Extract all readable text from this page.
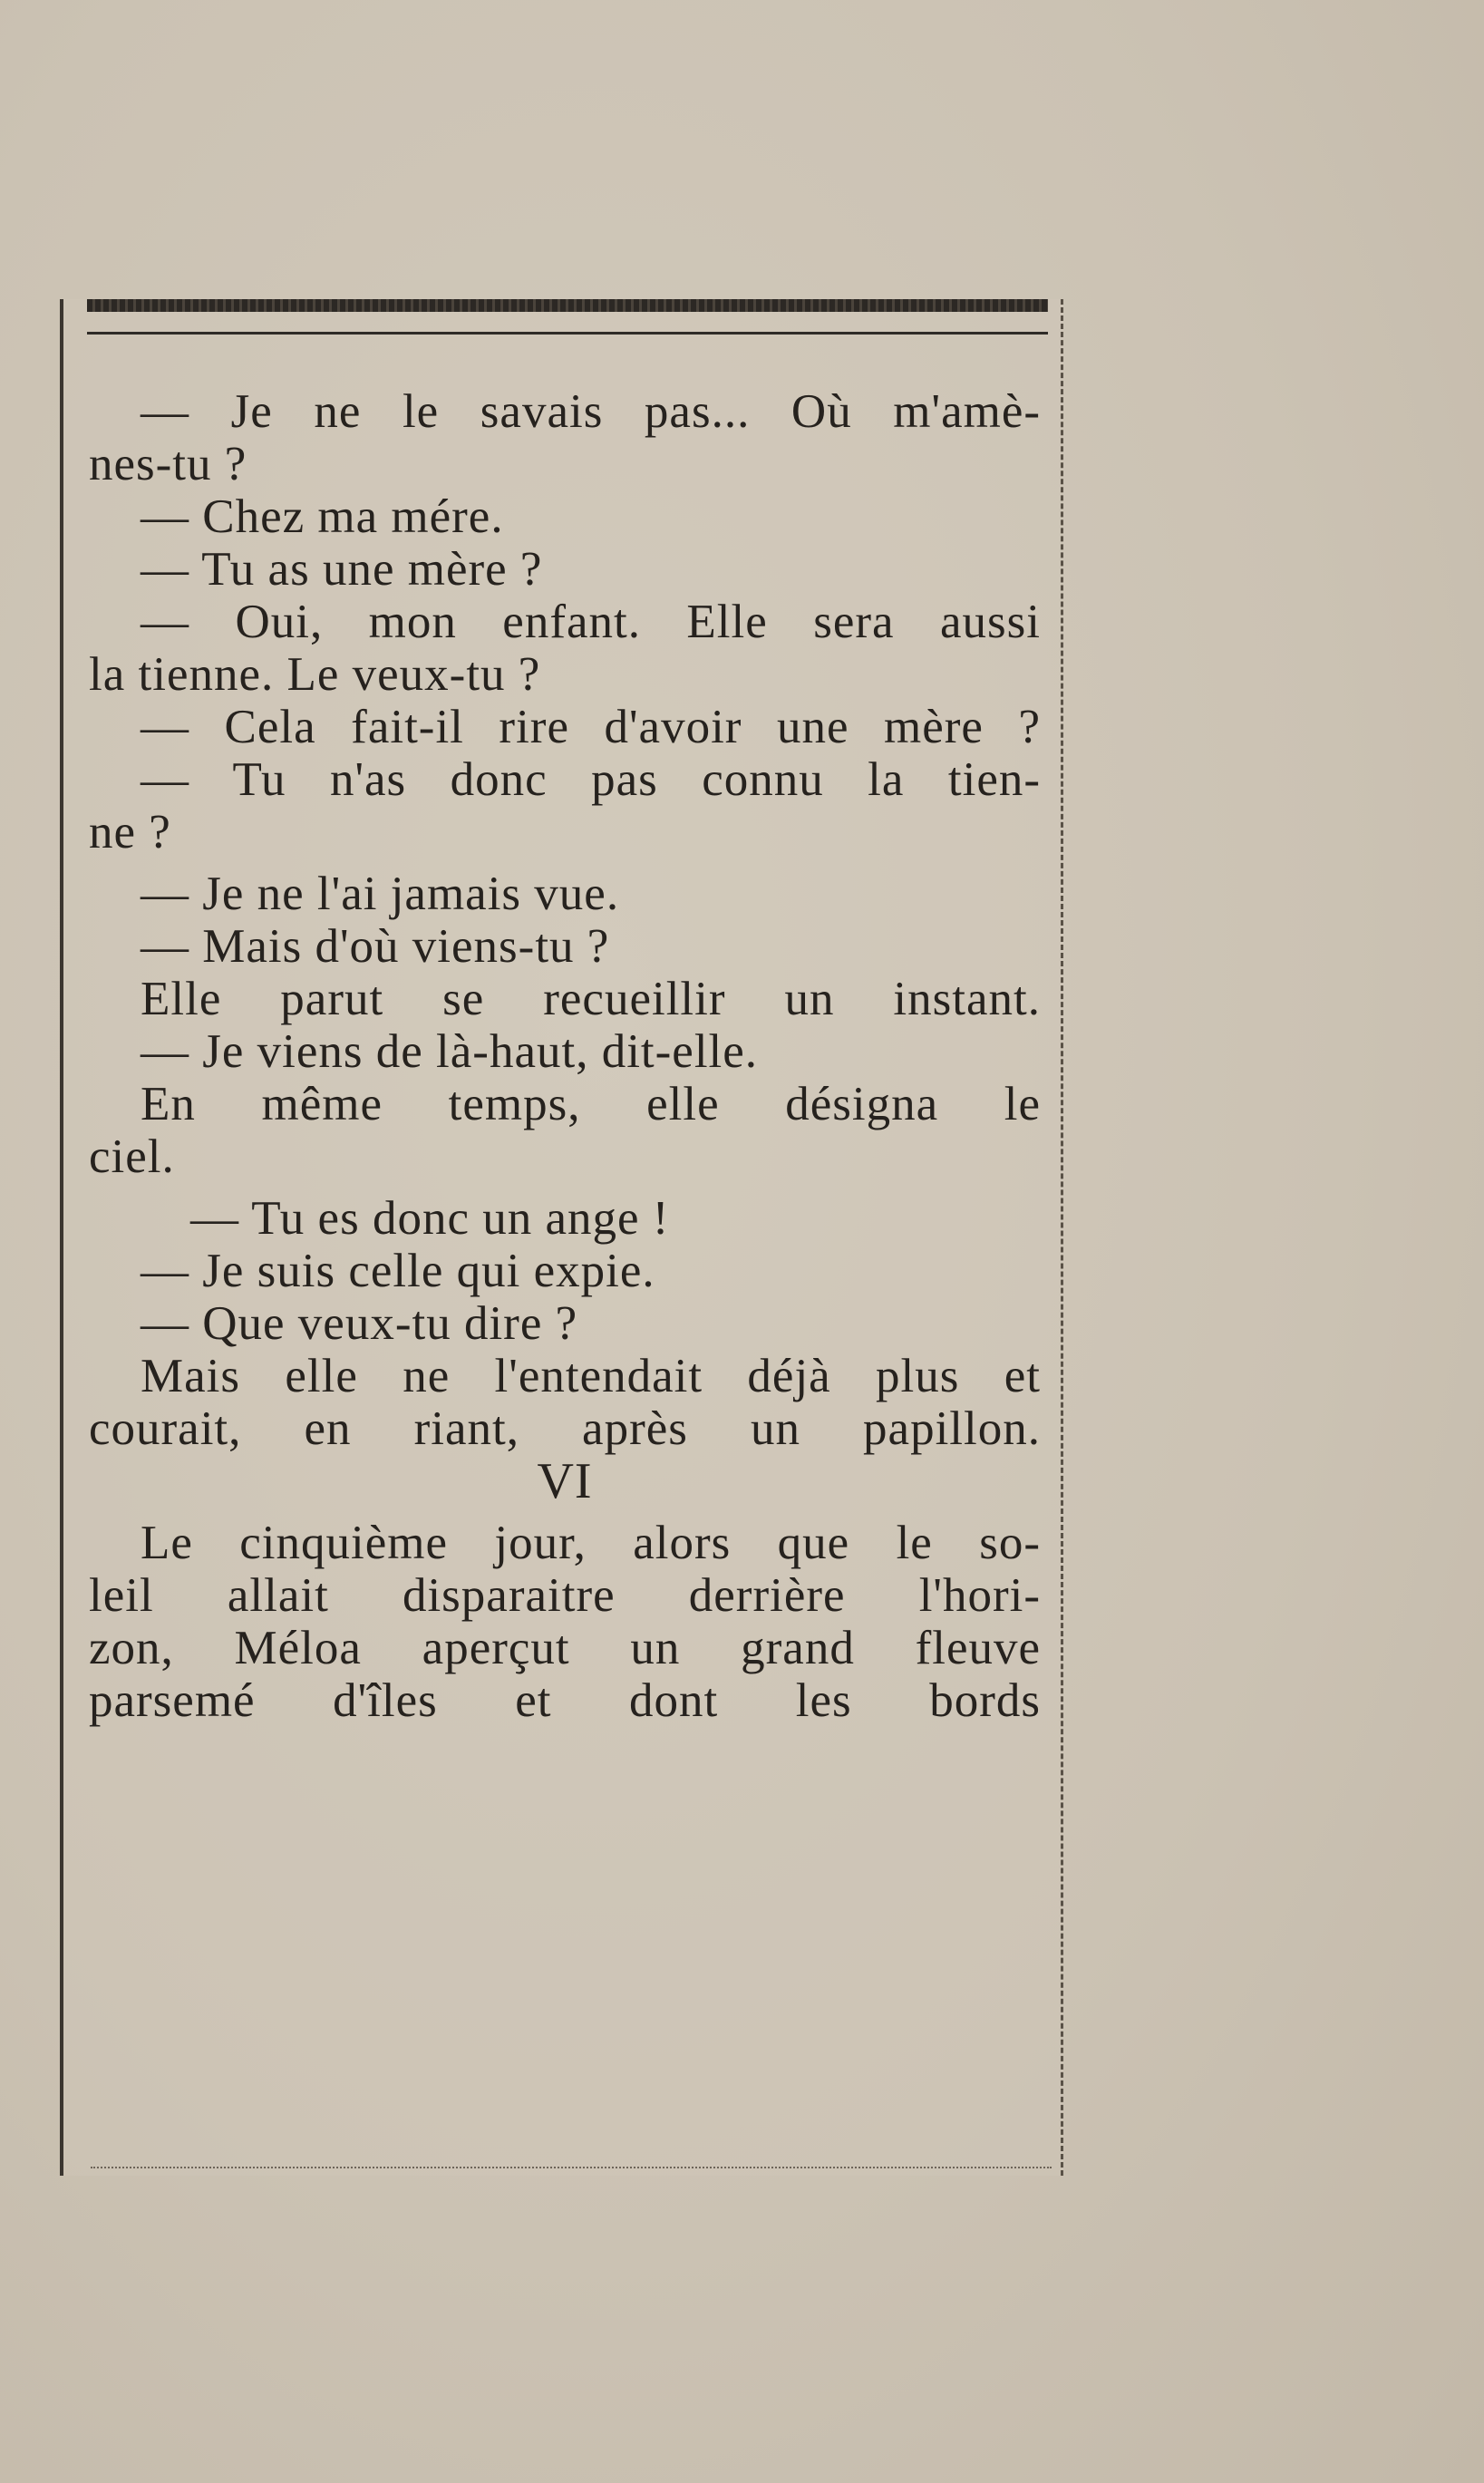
— Je ne le savais pas... Où m'amè-
nes-tu ?
— Chez ma mére.
— Tu as une mère ?
— Oui, mon enfant. Elle sera aussi
la tienne. Le veux-tu ?
— Cela fait-il rire d'avoir une mère ?
— Tu n'as donc pas connu la tien-
ne ?
— Je ne l'ai jamais vue.
— Mais d'où viens-tu ?
Elle parut se recueillir un instant.
— Je viens de là-haut, dit-elle.
En même temps, elle désigna le
ciel.
— Tu es donc un ange !
— Je suis celle qui expie.
— Que veux-tu dire ?
Mais elle ne l'entendait déjà plus et
courait, en riant, après un papillon.
VI
Le cinquième jour, alors que le so-
leil allait disparaitre derrière l'hori-
zon, Méloa aperçut un grand fleuve
parsemé d'îles et dont les bords
